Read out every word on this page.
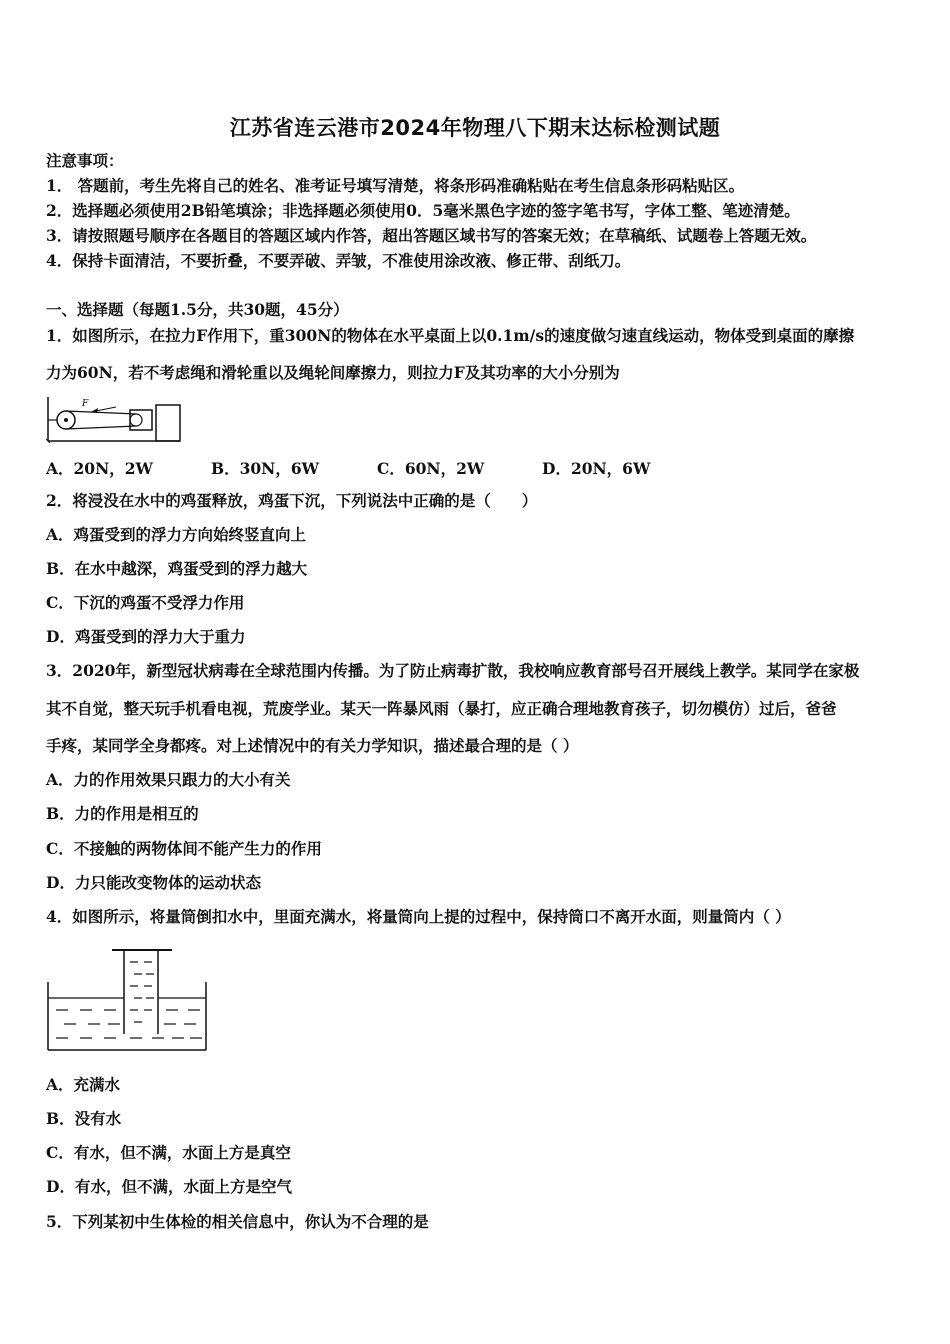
江苏省连云港市2024年物理八下期末达标检测试题
注意事项：
1． 答题前，考生先将自己的姓名、准考证号填写清楚，将条形码准确粘贴在考生信息条形码粘贴区。
2．选择题必须使用2B铅笔填涂；非选择题必须使用0．5毫米黑色字迹的签字笔书写，字体工整、笔迹清楚。
3．请按照题号顺序在各题目的答题区域内作答，超出答题区域书写的答案无效；在草稿纸、试题卷上答题无效。
4．保持卡面清洁，不要折叠，不要弄破、弄皱，不准使用涂改液、修正带、刮纸刀。
一、选择题（每题1.5分，共30题，45分）
1．如图所示，在拉力F作用下，重300N的物体在水平桌面上以0.1m/s的速度做匀速直线运动，物体受到桌面的摩擦
力为60N，若不考虑绳和滑轮重以及绳轮间摩擦力，则拉力F及其功率的大小分别为
F
A．20N，2W	B．30N，6W	C．60N，2W	D．20N，6W
2．将浸没在水中的鸡蛋释放，鸡蛋下沉，下列说法中正确的是（　　）
A．鸡蛋受到的浮力方向始终竖直向上
B．在水中越深，鸡蛋受到的浮力越大
C．下沉的鸡蛋不受浮力作用
D．鸡蛋受到的浮力大于重力
3．2020年，新型冠状病毒在全球范围内传播。为了防止病毒扩散，我校响应教育部号召开展线上教学。某同学在家极
其不自觉，整天玩手机看电视，荒废学业。某天一阵暴风雨（暴打，应正确合理地教育孩子，切勿模仿）过后，爸爸
手疼，某同学全身都疼。对上述情况中的有关力学知识，描述最合理的是（ ）
A．力的作用效果只跟力的大小有关
B．力的作用是相互的
C．不接触的两物体间不能产生力的作用
D．力只能改变物体的运动状态
4．如图所示，将量筒倒扣水中，里面充满水，将量筒向上提的过程中，保持筒口不离开水面，则量筒内（ ）
A．充满水
B．没有水
C．有水，但不满，水面上方是真空
D．有水，但不满，水面上方是空气
5．下列某初中生体检的相关信息中，你认为不合理的是
